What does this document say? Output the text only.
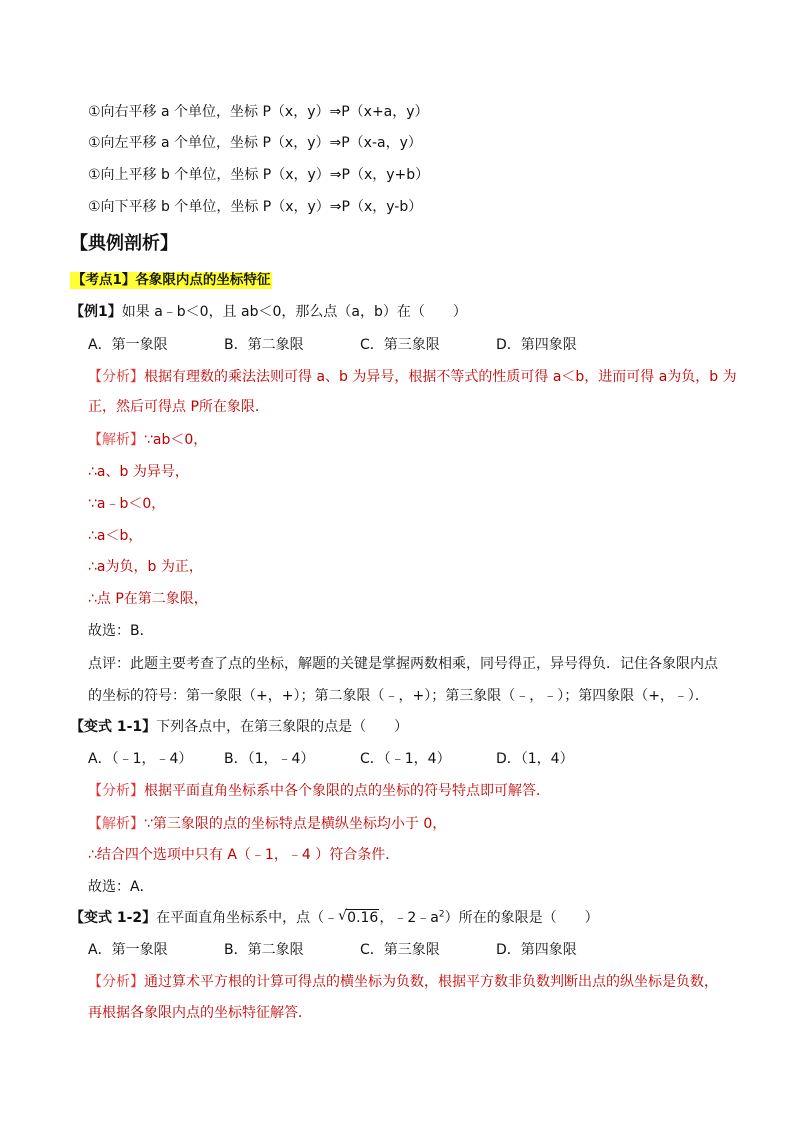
①向右平移 a 个单位，坐标 P（x，y）⇒P（x+a，y）
①向左平移 a 个单位，坐标 P（x，y）⇒P（x-a，y）
①向上平移 b 个单位，坐标 P（x，y）⇒P（x，y+b）
①向下平移 b 个单位，坐标 P（x，y）⇒P（x，y-b）
【典例剖析】
【考点1】各象限内点的坐标特征
【例1】如果 a﹣b＜0，且 ab＜0，那么点（a，b）在（　　）
A．第一象限	B．第二象限	C．第三象限	D．第四象限
【分析】根据有理数的乘法法则可得 a、b 为异号，根据不等式的性质可得 a＜b，进而可得 a为负，b 为
正，然后可得点 P所在象限．
【解析】∵ab＜0，
∴a、b 为异号，
∵a﹣b＜0，
∴a＜b，
∴a为负，b 为正，
∴点 P在第二象限，
故选：B．
点评：此题主要考查了点的坐标，解题的关键是掌握两数相乘，同号得正，异号得负．记住各象限内点
的坐标的符号：第一象限（+，+）；第二象限（﹣，+）；第三象限（﹣，﹣）；第四象限（+，﹣）．
【变式 1-1】下列各点中，在第三象限的点是（　　）
A．（﹣1，﹣4） B．（1，﹣4）	C．（﹣1，4）	D．（1，4）
【分析】根据平面直角坐标系中各个象限的点的坐标的符号特点即可解答．
【解析】∵第三象限的点的坐标特点是横纵坐标均小于 0，
∴结合四个选项中只有 A（﹣1，﹣4 ）符合条件．
故选：A．
【变式 1-2】在平面直角坐标系中，点（﹣ √ 0.16，$﹣2﹣a^2$）所在的象限是（　　）
A．第一象限	B．第二象限	C．第三象限	D．第四象限
【分析】通过算术平方根的计算可得点的横坐标为负数，根据平方数非负数判断出点的纵坐标是负数，
再根据各象限内点的坐标特征解答．
